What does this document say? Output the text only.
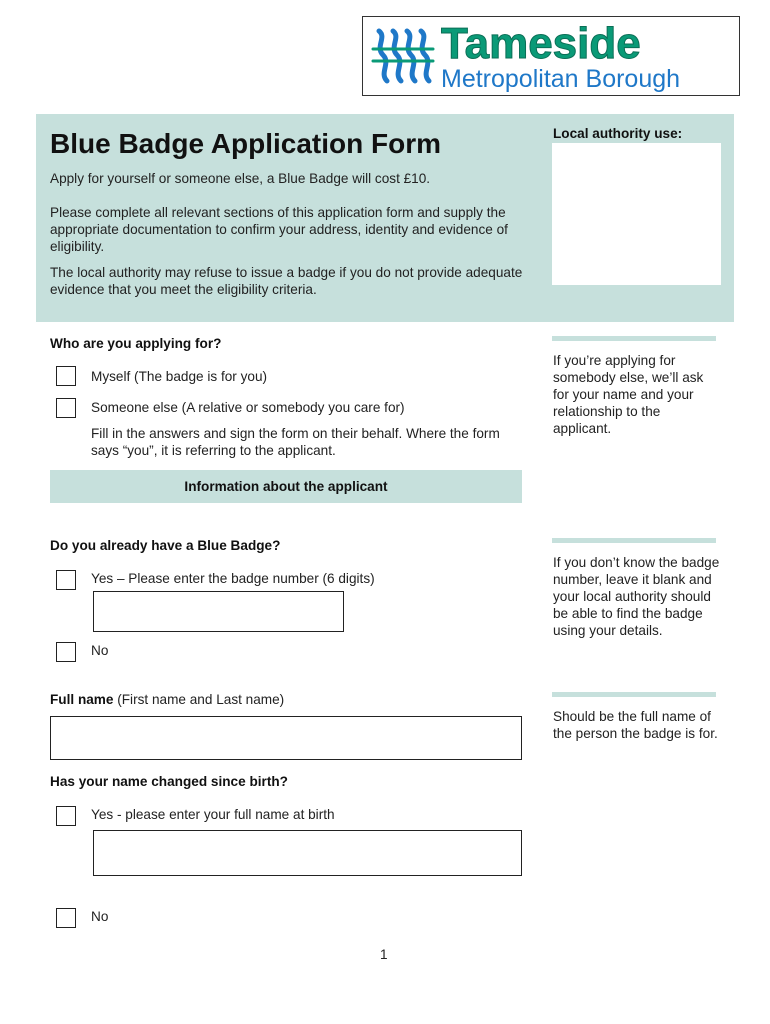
Tameside
Metropolitan Borough
Blue Badge Application Form
Apply for yourself or someone else, a Blue Badge will cost £10.
Please complete all relevant sections of this application form and supply the appropriate documentation to confirm your address, identity and evidence of eligibility.
The local authority may refuse to issue a badge if you do not provide adequate evidence that you meet the eligibility criteria.
Local authority use:
Who are you applying for?
Myself (The badge is for you)
Someone else (A relative or somebody you care for)
Fill in the answers and sign the form on their behalf. Where the form says “you”, it is referring to the applicant.
If you’re applying for somebody else, we’ll ask for your name and your relationship to the applicant.
Information about the applicant
Do you already have a Blue Badge?
Yes – Please enter the badge number (6 digits)
No
If you don’t know the badge number, leave it blank and your local authority should be able to find the badge using your details.
Full name (First name and Last name)
Should be the full name of the person the badge is for.
Has your name changed since birth?
Yes - please enter your full name at birth
No
1
